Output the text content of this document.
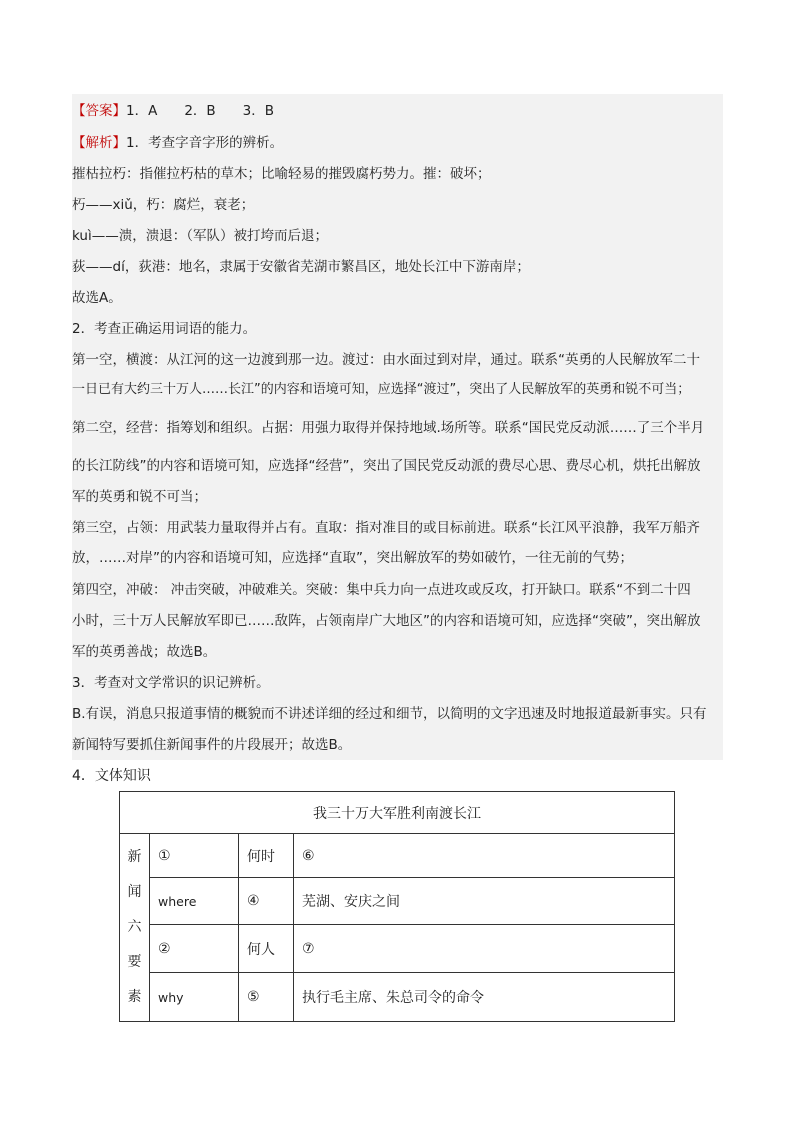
【答案】1．A　　2．B　　3．B
【解析】1．考查字音字形的辨析。
摧枯拉朽：指催拉朽枯的草木；比喻轻易的摧毁腐朽势力。摧：破坏；
朽——xiǔ，朽：腐烂，衰老；
kuì——溃，溃退：（军队）被打垮而后退；
荻——dí，荻港：地名，隶属于安徽省芜湖市繁昌区，地处长江中下游南岸；
故选A。
2．考查正确运用词语的能力。
第一空，横渡：从江河的这一边渡到那一边。渡过：由水面过到对岸，通过。联系“英勇的人民解放军二十
一日已有大约三十万人……长江”的内容和语境可知，应选择“渡过”，突出了人民解放军的英勇和锐不可当；
第二空，经营：指筹划和组织。占据：用强力取得并保持地域.场所等。联系“国民党反动派……了三个半月
的长江防线”的内容和语境可知，应选择“经营”，突出了国民党反动派的费尽心思、费尽心机，烘托出解放
军的英勇和锐不可当；
第三空，占领：用武装力量取得并占有。直取：指对准目的或目标前进。联系“长江风平浪静，我军万船齐
放，……对岸”的内容和语境可知，应选择“直取”，突出解放军的势如破竹，一往无前的气势；
第四空，冲破： 冲击突破，冲破难关。突破：集中兵力向一点进攻或反攻，打开缺口。联系“不到二十四
小时，三十万人民解放军即已……敌阵，占领南岸广大地区”的内容和语境可知，应选择“突破”，突出解放
军的英勇善战；故选B。
3．考查对文学常识的识记辨析。
B.有误，消息只报道事情的概貌而不讲述详细的经过和细节，以简明的文字迅速及时地报道最新事实。只有
新闻特写要抓住新闻事件的片段展开；故选B。
4．文体知识
我三十万大军胜利南渡长江			

新
闻
六
要
素	①	何时	⑥
	where	④	芜湖、安庆之间
	②	何人	⑦
	why	⑤	执行毛主席、朱总司令的命令
